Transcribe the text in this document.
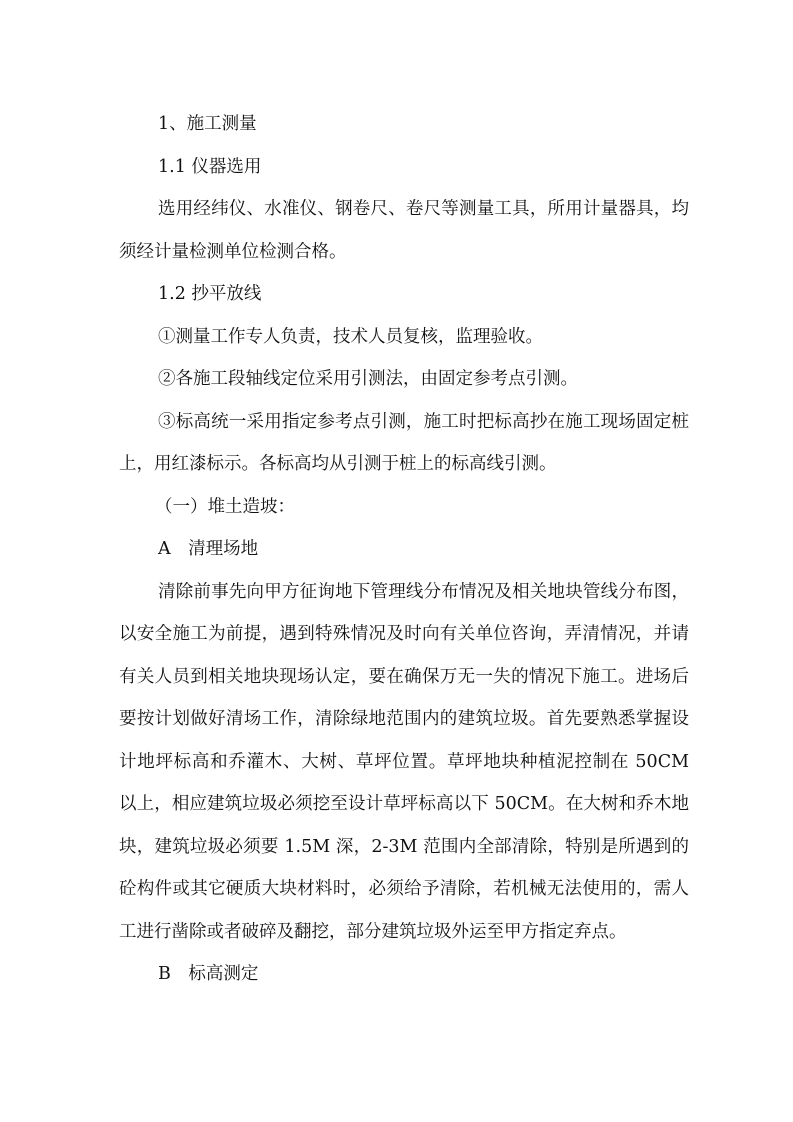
1、施工测量

1.1 仪器选用

选用经纬仪、水准仪、钢卷尺、卷尺等测量工具，所用计量器具，均须经计量检测单位检测合格。

1.2 抄平放线

①测量工作专人负责，技术人员复核，监理验收。

②各施工段轴线定位采用引测法，由固定参考点引测。

③标高统一采用指定参考点引测，施工时把标高抄在施工现场固定桩上，用红漆标示。各标高均从引测于桩上的标高线引测。

（一）堆土造坡：

A　清理场地

清除前事先向甲方征询地下管理线分布情况及相关地块管线分布图，以安全施工为前提，遇到特殊情况及时向有关单位咨询，弄清情况，并请有关人员到相关地块现场认定，要在确保万无一失的情况下施工。进场后要按计划做好清场工作，清除绿地范围内的建筑垃圾。首先要熟悉掌握设计地坪标高和乔灌木、大树、草坪位置。草坪地块种植泥控制在 50CM 以上，相应建筑垃圾必须挖至设计草坪标高以下 50CM。在大树和乔木地块，建筑垃圾必须要 1.5M 深，2-3M 范围内全部清除，特别是所遇到的砼构件或其它硬质大块材料时，必须给予清除，若机械无法使用的，需人工进行凿除或者破碎及翻挖，部分建筑垃圾外运至甲方指定弃点。

B　标高测定
